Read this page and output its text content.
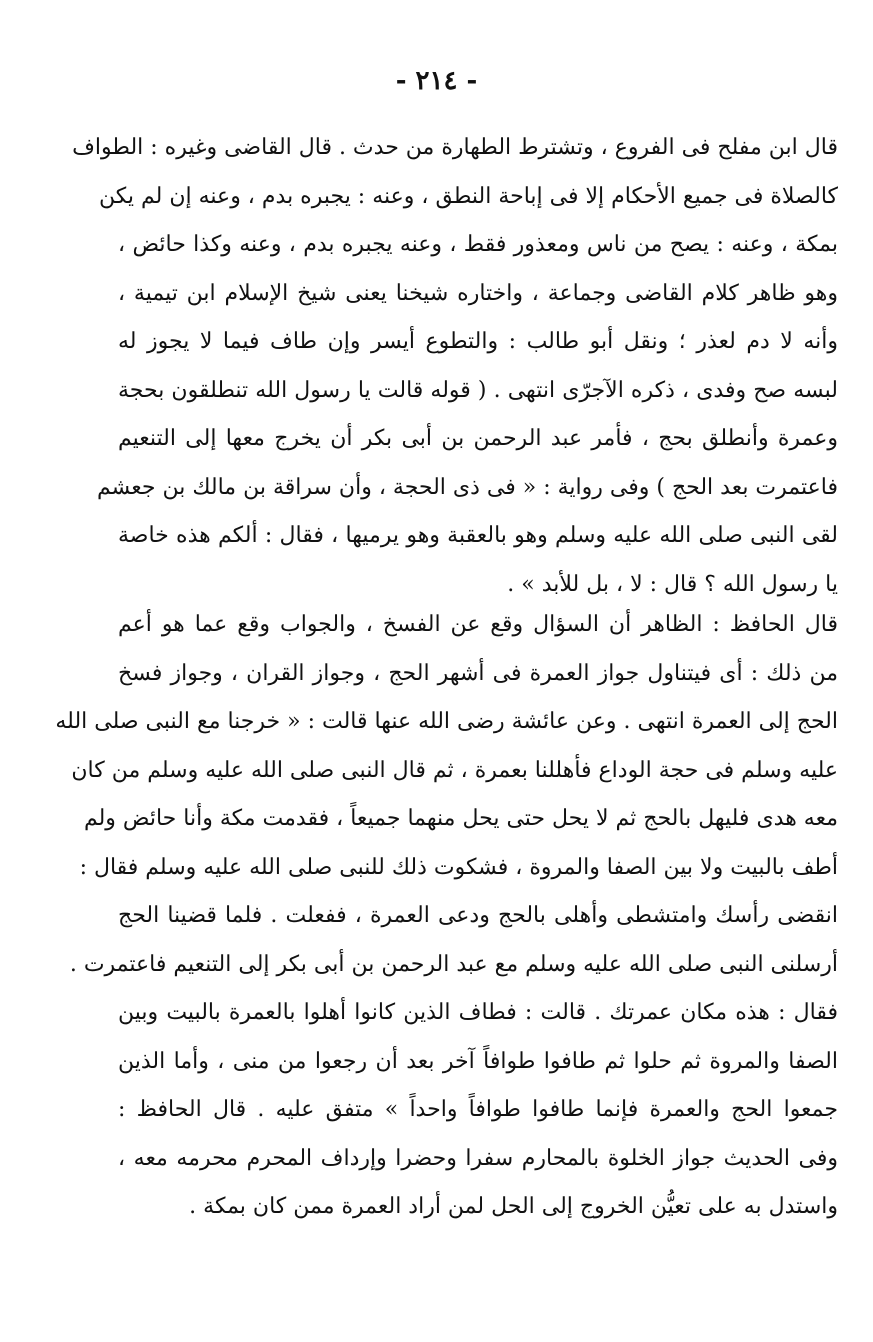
- ٢١٤ -
قال ابن مفلح فى الفروع ، وتشترط الطهارة من حدث . قال القاضى وغيره : الطواف
كالصلاة فى جميع الأحكام إلا فى إباحة النطق ، وعنه : يجبره بدم ، وعنه إن لم يكن
بمكة ، وعنه : يصح من ناس ومعذور فقط ، وعنه يجبره بدم ، وعنه وكذا حائض ،
وهو ظاهر كلام القاضى وجماعة ، واختاره شيخنا يعنى شيخ الإسلام ابن تيمية ،
وأنه لا دم لعذر ؛ ونقل أبو طالب : والتطوع أيسر وإن طاف فيما لا يجوز له
لبسه صح وفدى ، ذكره الآجرّى انتهى . ( قوله قالت يا رسول الله تنطلقون بحجة
وعمرة وأنطلق بحج ، فأمر عبد الرحمن بن أبى بكر أن يخرج معها إلى التنعيم
فاعتمرت بعد الحج ) وفى رواية : « فى ذى الحجة ، وأن سراقة بن مالك بن جعشم
لقى النبى صلى الله عليه وسلم وهو بالعقبة وهو يرميها ، فقال : ألكم هذه خاصة
يا رسول الله ؟ قال : لا ، بل للأبد » .
قال الحافظ : الظاهر أن السؤال وقع عن الفسخ ، والجواب وقع عما هو أعم
من ذلك : أى فيتناول جواز العمرة فى أشهر الحج ، وجواز القران ، وجواز فسخ
الحج إلى العمرة انتهى . وعن عائشة رضى الله عنها قالت : « خرجنا مع النبى صلى الله
عليه وسلم فى حجة الوداع فأهللنا بعمرة ، ثم قال النبى صلى الله عليه وسلم من كان
معه هدى فليهل بالحج ثم لا يحل حتى يحل منهما جميعاً ، فقدمت مكة وأنا حائض ولم
أطف بالبيت ولا بين الصفا والمروة ، فشكوت ذلك للنبى صلى الله عليه وسلم فقال :
انقضى رأسك وامتشطى وأهلى بالحج ودعى العمرة ، ففعلت . فلما قضينا الحج
أرسلنى النبى صلى الله عليه وسلم مع عبد الرحمن بن أبى بكر إلى التنعيم فاعتمرت .
فقال : هذه مكان عمرتك . قالت : فطاف الذين كانوا أهلوا بالعمرة بالبيت وبين
الصفا والمروة ثم حلوا ثم طافوا طوافاً آخر بعد أن رجعوا من منى ، وأما الذين
جمعوا الحج والعمرة فإنما طافوا طوافاً واحداً » متفق عليه . قال الحافظ :
وفى الحديث جواز الخلوة بالمحارم سفرا وحضرا وإرداف المحرم محرمه معه ،
واستدل به على تعيُّن الخروج إلى الحل لمن أراد العمرة ممن كان بمكة .
